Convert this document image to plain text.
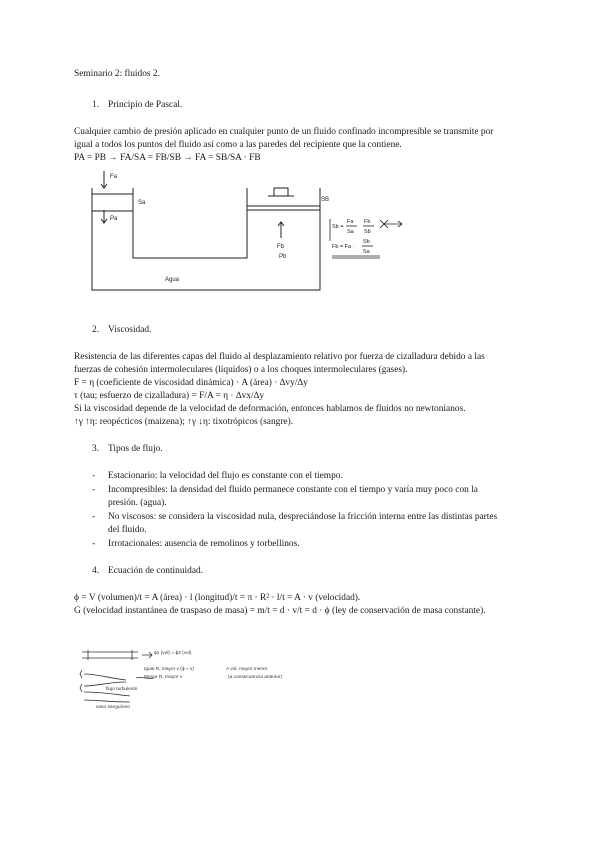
Seminario 2: fluidos 2.
1. Principio de Pascal.
Cualquier cambio de presión aplicado en cualquier punto de un fluido confinado incompresible se transmite por
igual a todos los puntos del fluido así como a las paredes del recipiente que la contiene.
PA = PB → FA/SA = FB/SB → FA = SB/SA · FB
Fa
Sa
Pa
Fb
Pb
SB
Agua
Sb =
Fa
Sa
Fb
Sb
Fb = Fa ·
Sb
Sa
2. Viscosidad.
Resistencia de las diferentes capas del fluido al desplazamiento relativo por fuerza de cizalladura debido a las
fuerzas de cohesión intermoleculares (líquidos) o a los choques intermoleculares (gases).
F = η (coeficiente de viscosidad dinámica) · A (área) · ∆vy/∆y
τ (tau; esfuerzo de cizalladura) = F/A = η · ∆vx/∆y
Si la viscosidad depende de la velocidad de deformación, entonces hablamos de fluidos no newtonianos.
↑γ ↑η: reopécticos (maizena); ↑γ ↓η: tixotrópicos (sangre).
3. Tipos de flujo.
- Estacionario: la velocidad del flujo es constante con el tiempo.
- Incompresibles: la densidad del fluido permanece constante con el tiempo y varía muy poco con la
presión. (agua).
- No viscosos: se considera la viscosidad nula, despreciándose la fricción interna entre las distintas partes
del fluido.
- Irrotacionales: ausencia de remolinos y torbellinos.
4. Ecuación de continuidad.
ϕ = V (volumen)/t = A (área) · l (longitud)/t = π · R² · l/t = A · v (velocidad).
G (velocidad instantánea de traspaso de masa) = m/t = d · v/t = d · ϕ (ley de conservación de masa constante).
ϕ1 (vol) = ϕ2 (vol)
Igual R, mayor v (ϕ = v)
Menor R, mayor v
A vol. mayor menor
(a consecuencia anterior)
flujo turbulento
vaso sanguíneo
